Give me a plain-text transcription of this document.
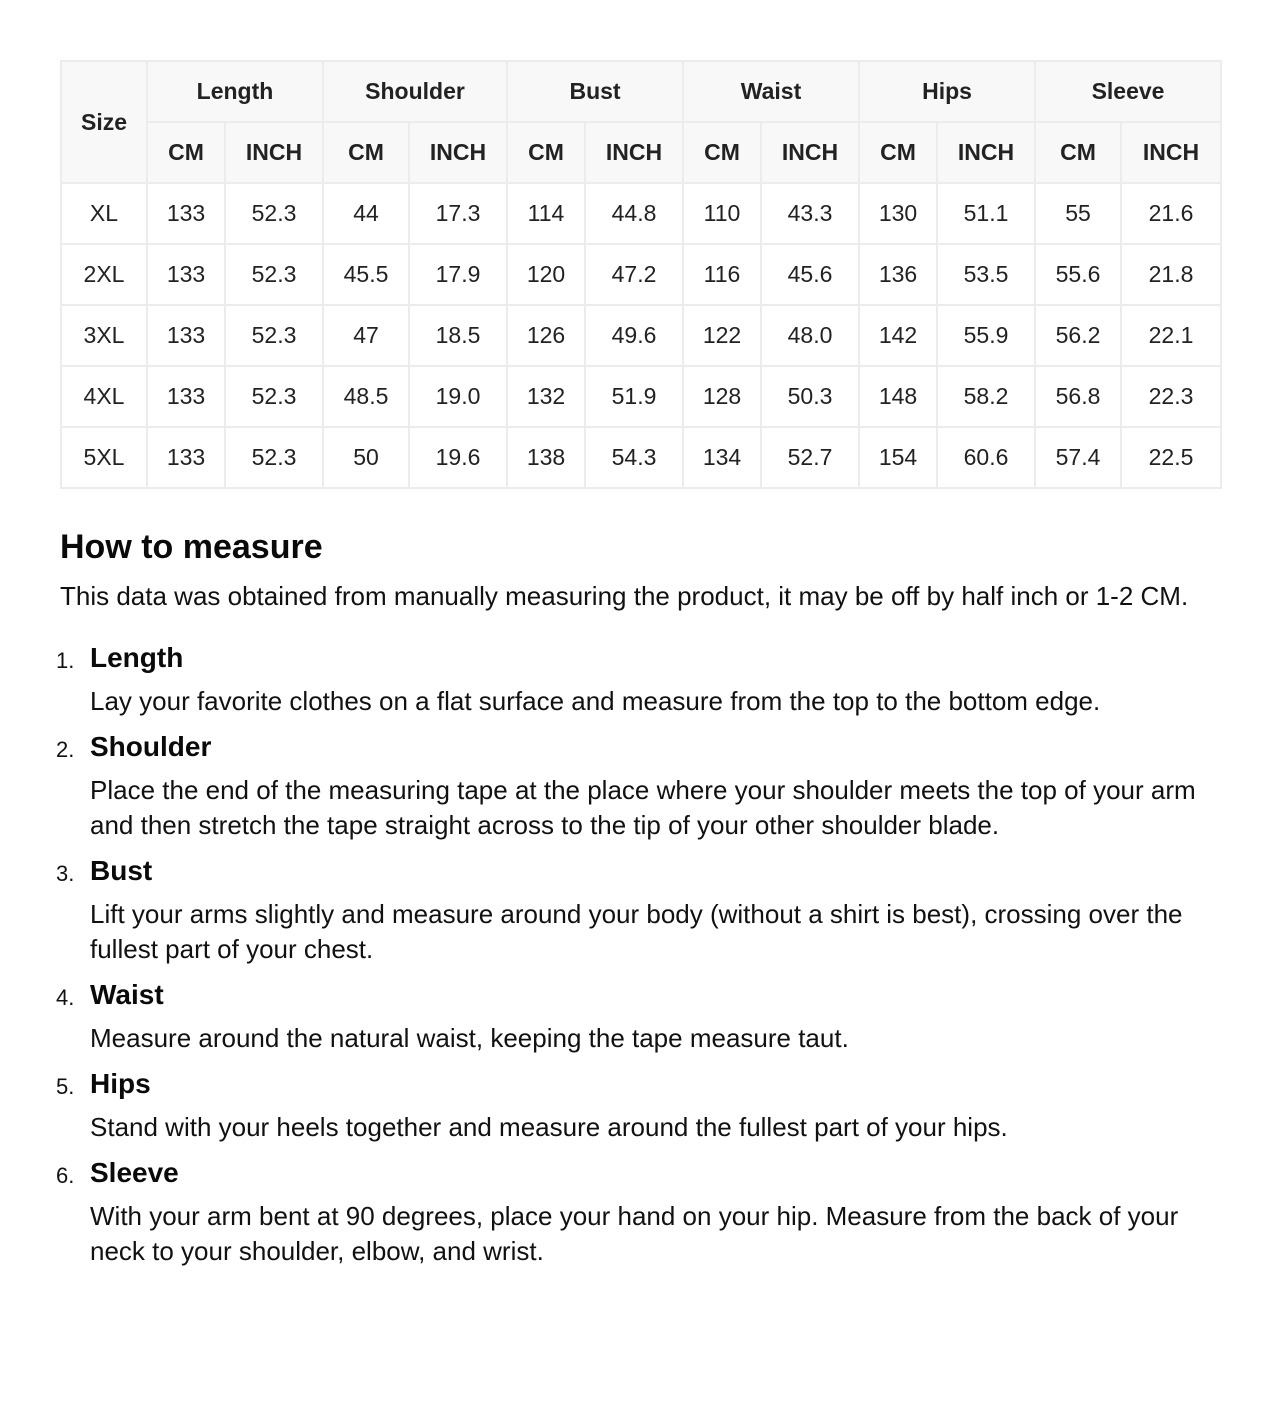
Size	Length		Shoulder		Bust		Waist		Hips		Sleeve	
	CM	INCH	CM	INCH	CM	INCH	CM	INCH	CM	INCH	CM	INCH
XL	133	52.3	44	17.3	114	44.8	110	43.3	130	51.1	55	21.6
2XL	133	52.3	45.5	17.9	120	47.2	116	45.6	136	53.5	55.6	21.8
3XL	133	52.3	47	18.5	126	49.6	122	48.0	142	55.9	56.2	22.1
4XL	133	52.3	48.5	19.0	132	51.9	128	50.3	148	58.2	56.8	22.3
5XL	133	52.3	50	19.6	138	54.3	134	52.7	154	60.6	57.4	22.5
How to measure

This data was obtained from manually measuring the product, it may be off by half inch or 1-2 CM.

1. Length
Lay your favorite clothes on a flat surface and measure from the top to the bottom edge.
2. Shoulder
Place the end of the measuring tape at the place where your shoulder meets the top of your arm and then stretch the tape straight across to the tip of your other shoulder blade.
3. Bust
Lift your arms slightly and measure around your body (without a shirt is best), crossing over the fullest part of your chest.
4. Waist
Measure around the natural waist, keeping the tape measure taut.
5. Hips
Stand with your heels together and measure around the fullest part of your hips.
6. Sleeve
With your arm bent at 90 degrees, place your hand on your hip. Measure from the back of your neck to your shoulder, elbow, and wrist.
